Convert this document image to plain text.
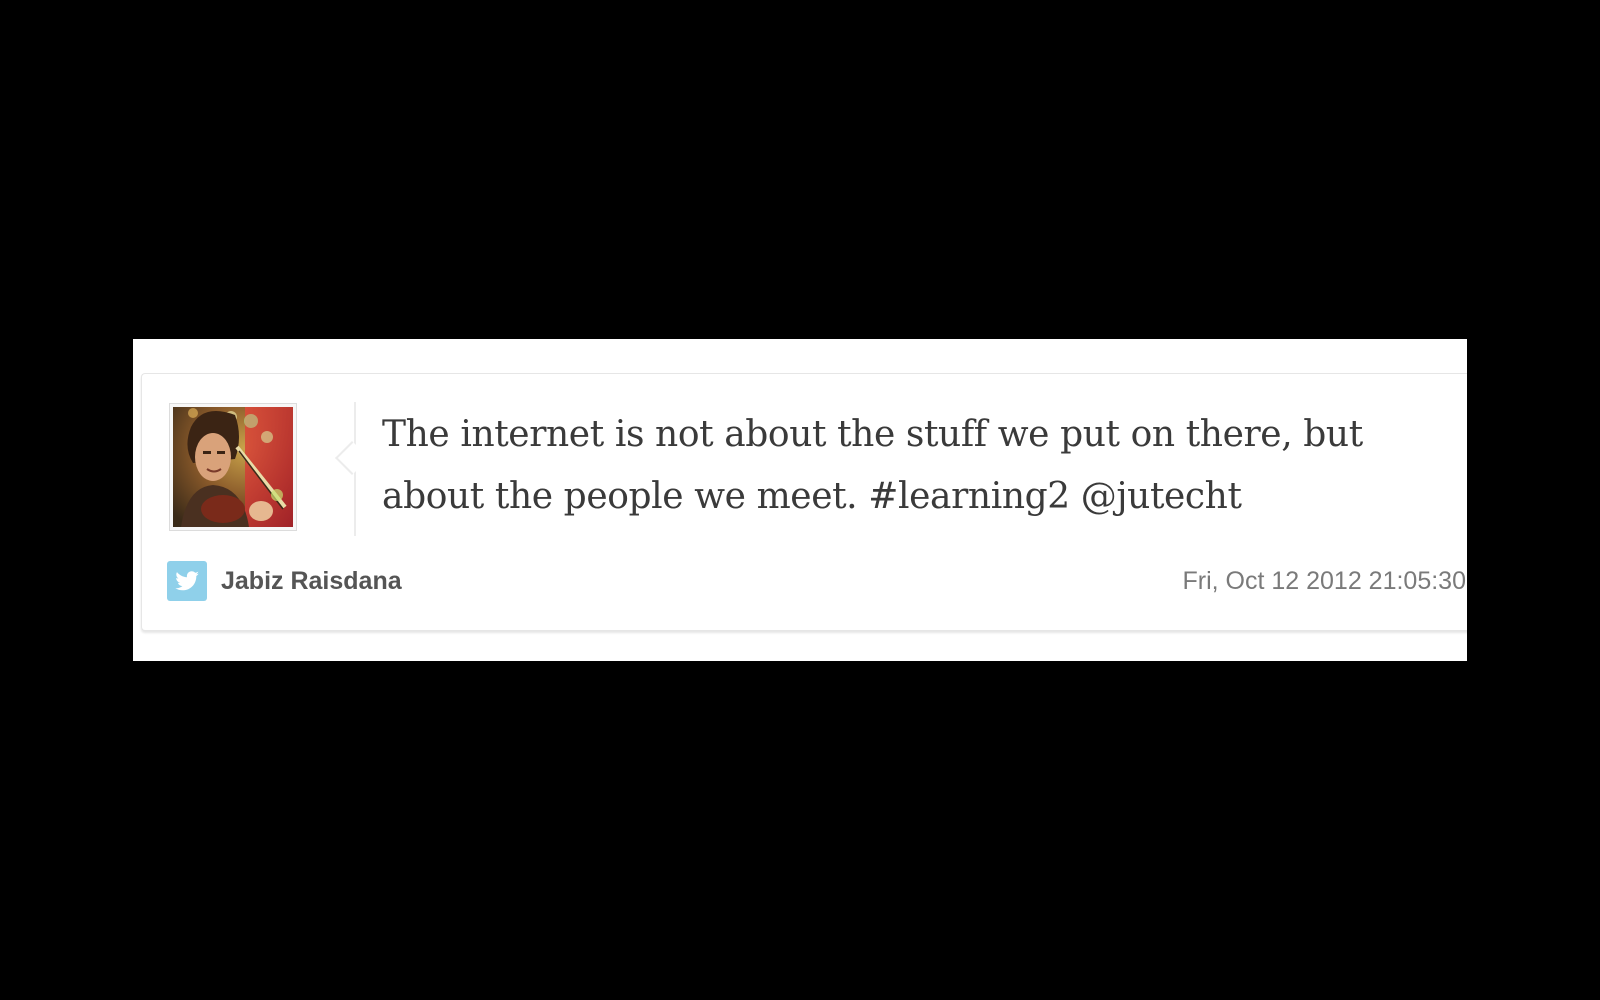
The internet is not about the stuff we put on there, but about the people we meet. #learning2 @jutecht
Jabiz Raisdana	Fri, Oct 12 2012 21:05:30
